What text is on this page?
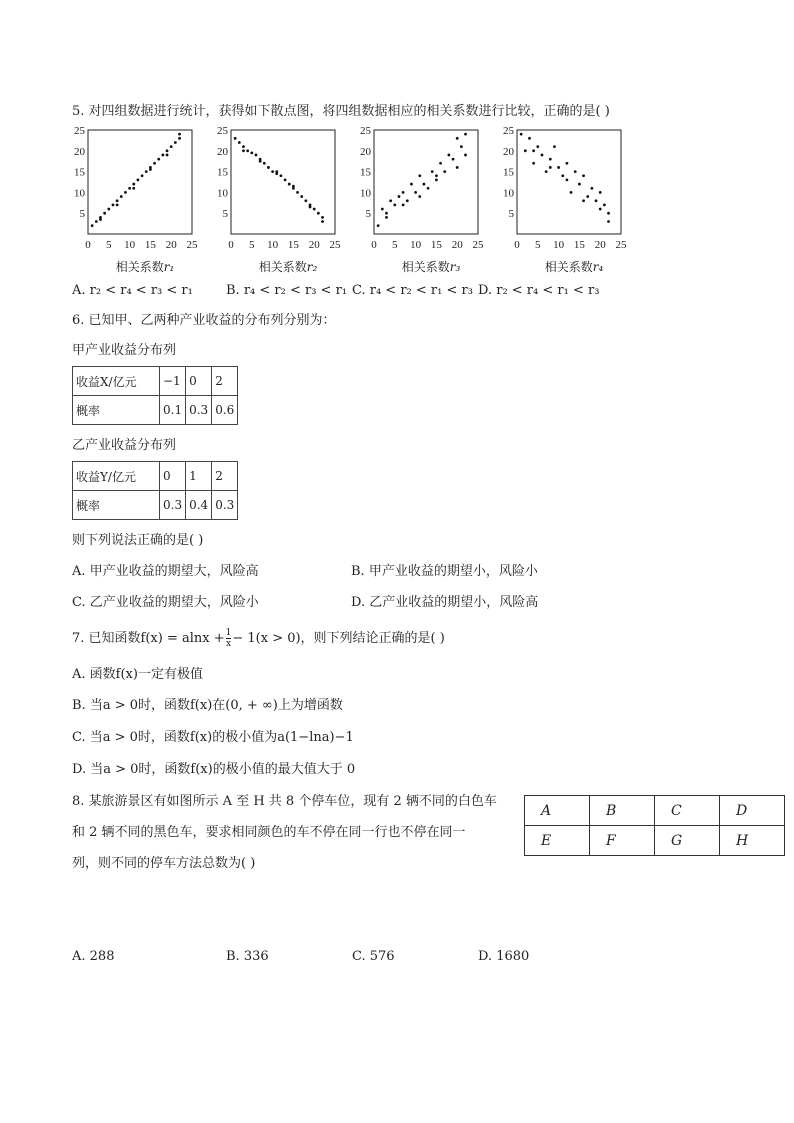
5. 对四组数据进行统计，获得如下散点图，将四组数据相应的相关系数进行比较，正确的是( )
5
10
15
20
25
0 5 10 15 20 25
5
10
15
20
25
0 5 10 15 20 25
5
10
15
20
25
0 5 10 15 20 25
5
10
15
20
25
0 5 10 15 20 25
相关系数r₁	相关系数r₂	相关系数r₃	相关系数r₄
A. r₂ < r₄ < r₃ < r₁	B. r₄ < r₂ < r₃ < r₁ C. r₄ < r₂ < r₁ < r₃ D. r₂ < r₄ < r₁ < r₃
6. 已知甲、乙两种产业收益的分布列分别为：
甲产业收益分布列
收益X/亿元	−1	0	2
概率	0.1	0.3	0.6
乙产业收益分布列
收益Y/亿元	0	1	2
概率	0.3	0.4	0.3
则下列说法正确的是( )
A. 甲产业收益的期望大，风险高	B. 甲产业收益的期望小，风险小
C. 乙产业收益的期望大，风险小	D. 乙产业收益的期望小，风险高
7. 已知函数$f(x) = alnx + \frac{1}{x} - 1(x > 0)$，则下列结论正确的是( )
A. 函数f(x)一定有极值
B. 当a > 0时，函数f(x)在(0, + ∞)上为增函数
C. 当a > 0时，函数f(x)的极小值为a(1−lna)−1
D. 当a > 0时，函数f(x)的极小值的最大值大于 0
8. 某旅游景区有如图所示 A 至 H 共 8 个停车位，现有 2 辆不同的白色车
和 2 辆不同的黑色车，要求相同颜色的车不停在同一行也不停在同一
列，则不同的停车方法总数为( )
A	B	C	D
E	F	G	H
A. 288	B. 336	C. 576	D. 1680
